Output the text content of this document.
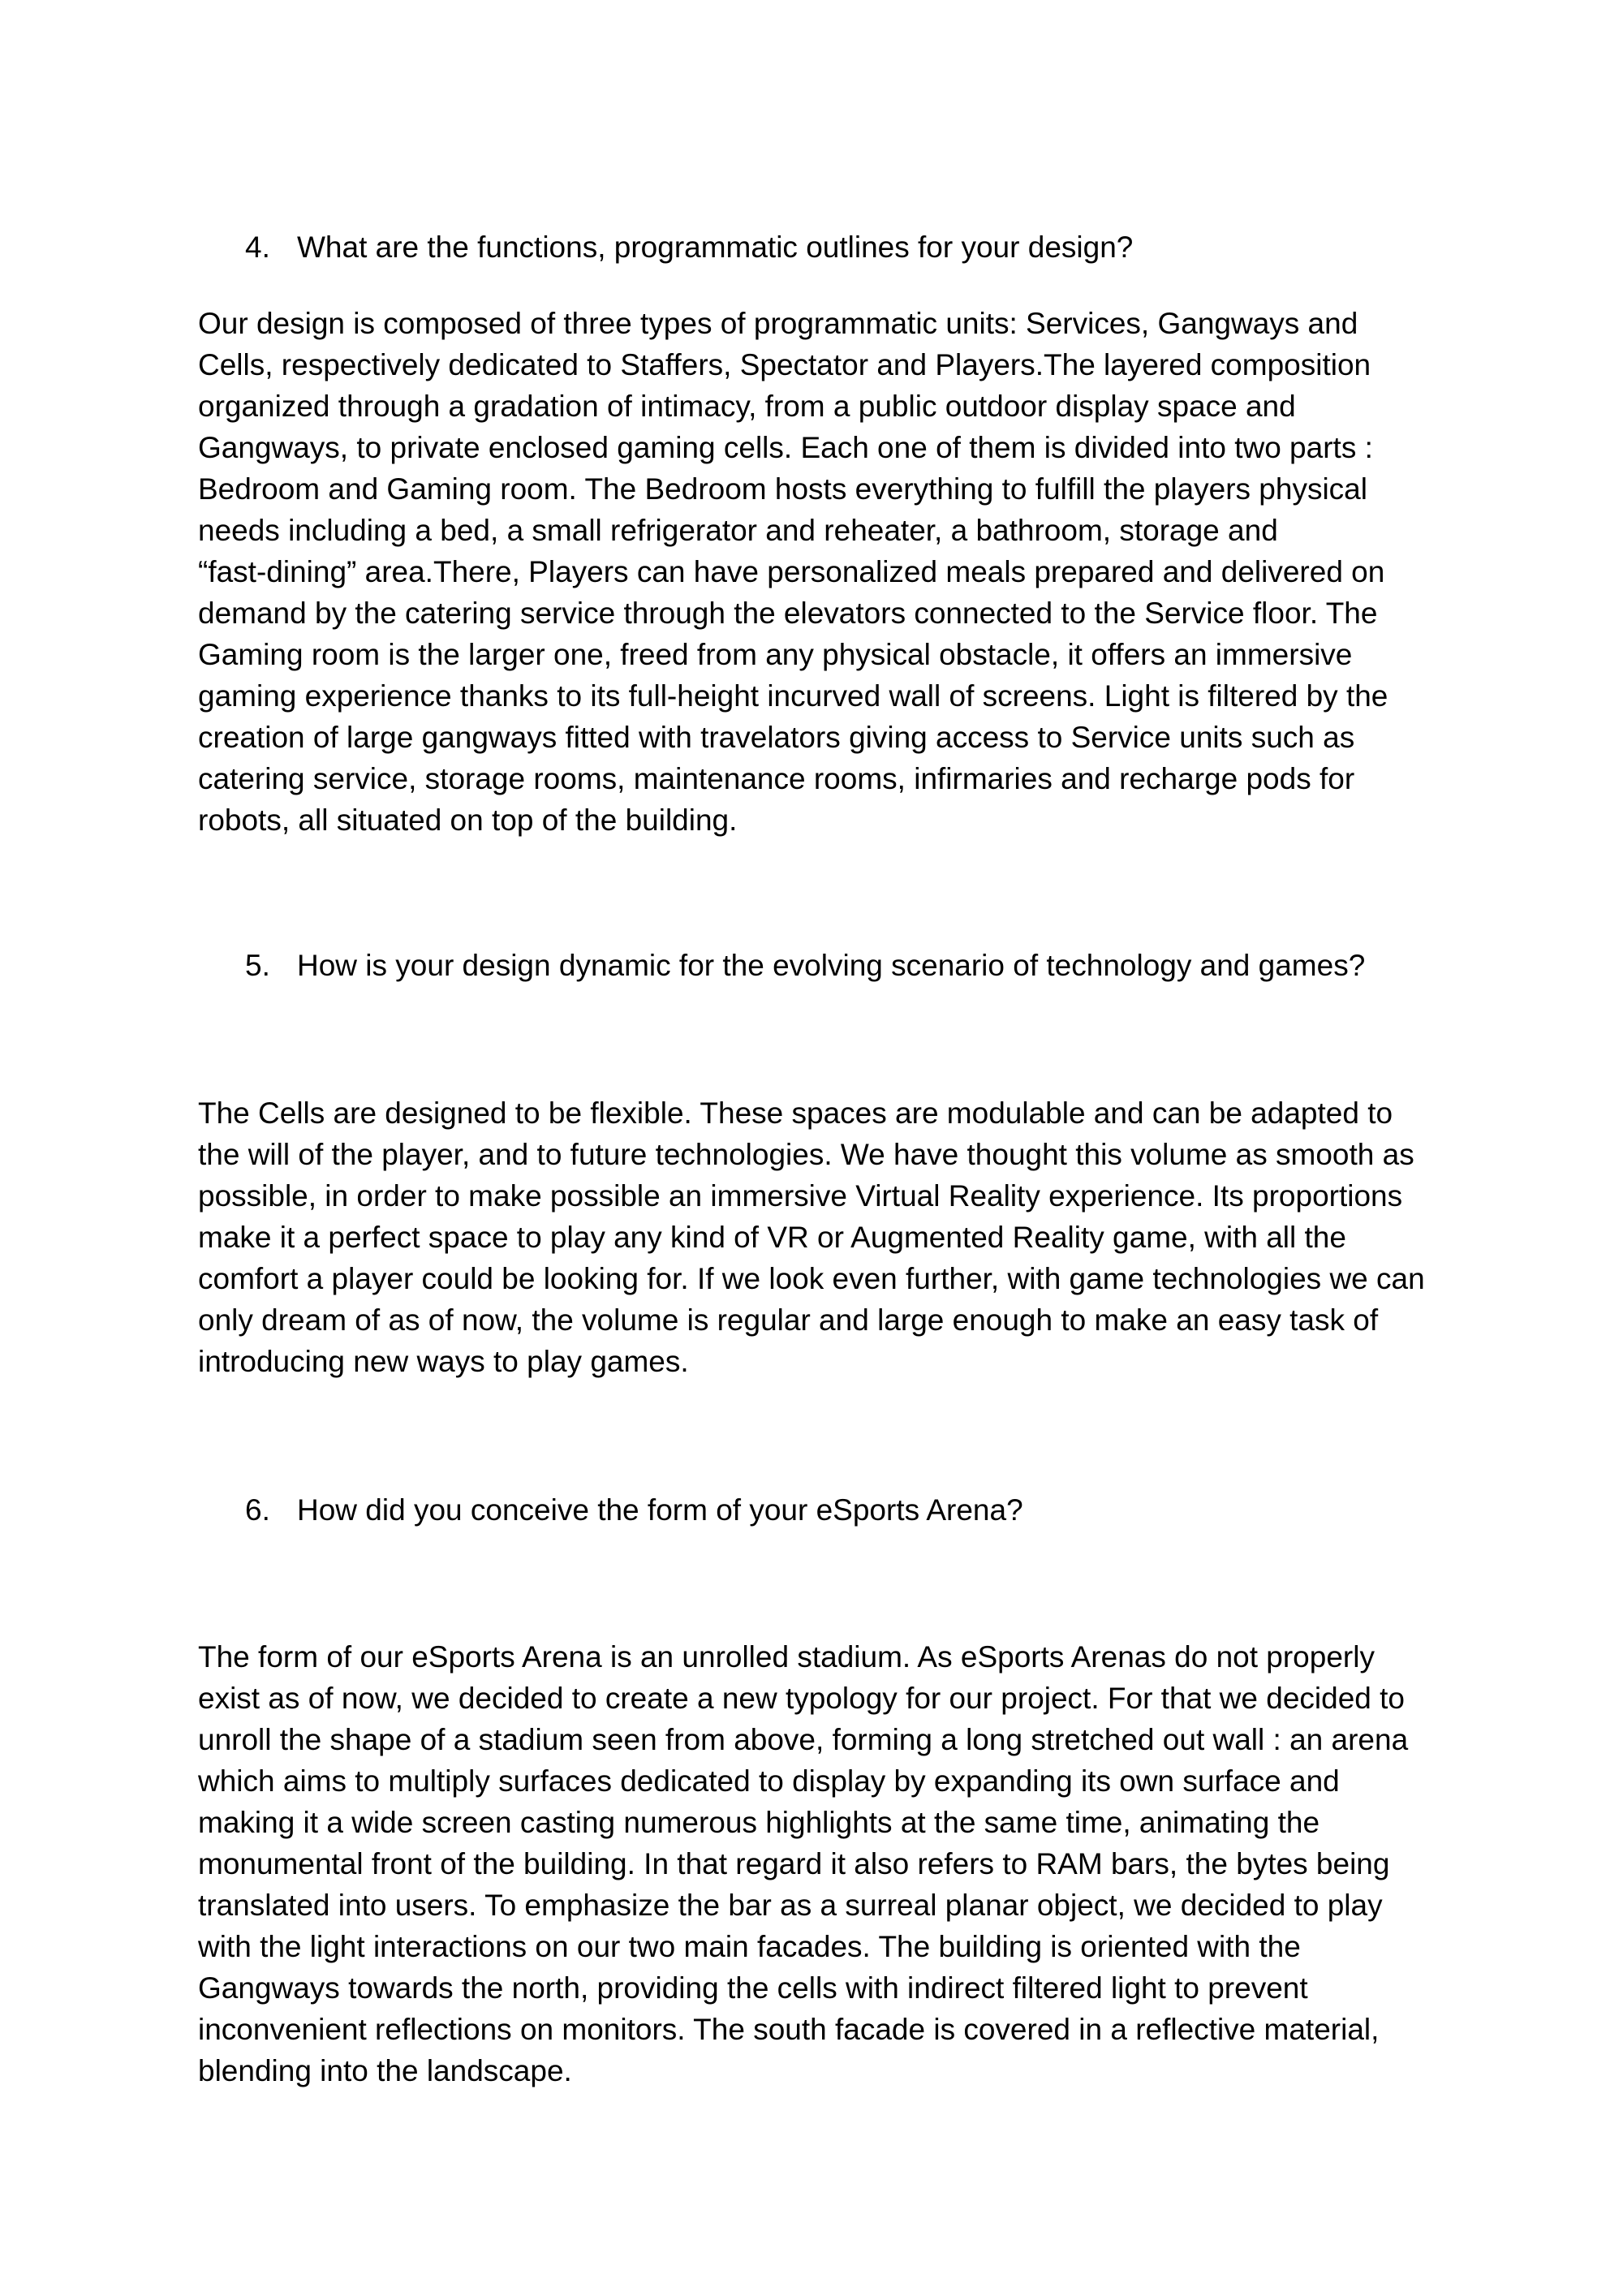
4. What are the functions, programmatic outlines for your design?
Our design is composed of three types of programmatic units: Services, Gangways and
Cells, respectively dedicated to Staffers, Spectator and Players.The layered composition
organized through a gradation of intimacy, from a public outdoor display space and
Gangways, to private enclosed gaming cells. Each one of them is divided into two parts :
Bedroom and Gaming room. The Bedroom hosts everything to fulfill the players physical
needs including a bed, a small refrigerator and reheater, a bathroom, storage and
“fast-dining” area.There, Players can have personalized meals prepared and delivered on
demand by the catering service through the elevators connected to the Service floor. The
Gaming room is the larger one, freed from any physical obstacle, it offers an immersive
gaming experience thanks to its full-height incurved wall of screens. Light is filtered by the
creation of large gangways fitted with travelators giving access to Service units such as
catering service, storage rooms, maintenance rooms, infirmaries and recharge pods for
robots, all situated on top of the building.
5. How is your design dynamic for the evolving scenario of technology and games?
The Cells are designed to be flexible. These spaces are modulable and can be adapted to
the will of the player, and to future technologies. We have thought this volume as smooth as
possible, in order to make possible an immersive Virtual Reality experience. Its proportions
make it a perfect space to play any kind of VR or Augmented Reality game, with all the
comfort a player could be looking for. If we look even further, with game technologies we can
only dream of as of now, the volume is regular and large enough to make an easy task of
introducing new ways to play games.
6. How did you conceive the form of your eSports Arena?
The form of our eSports Arena is an unrolled stadium. As eSports Arenas do not properly
exist as of now, we decided to create a new typology for our project. For that we decided to
unroll the shape of a stadium seen from above, forming a long stretched out wall : an arena
which aims to multiply surfaces dedicated to display by expanding its own surface and
making it a wide screen casting numerous highlights at the same time, animating the
monumental front of the building. In that regard it also refers to RAM bars, the bytes being
translated into users. To emphasize the bar as a surreal planar object, we decided to play
with the light interactions on our two main facades. The building is oriented with the
Gangways towards the north, providing the cells with indirect filtered light to prevent
inconvenient reflections on monitors. The south facade is covered in a reflective material,
blending into the landscape.
